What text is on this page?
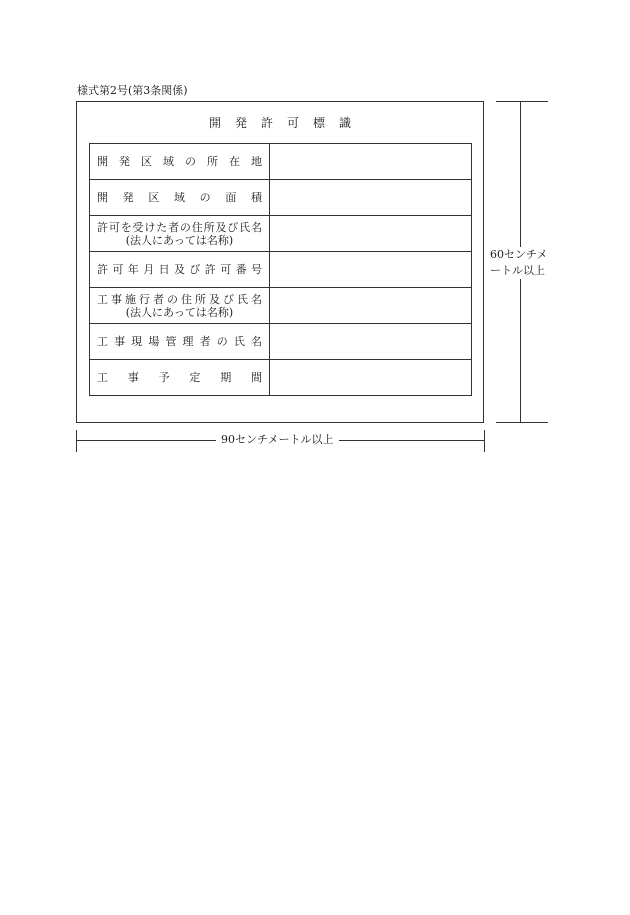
様式第2号(第3条関係)
開発許可標識
開 発 区 域 の 所 在 地	

開 発 区 域 の 面 積	

許可を受けた者の住所及び氏名
(法人にあっては名称)	

許 可 年 月 日 及 び 許 可 番 号	

工事施行者の住所及び氏名
(法人にあっては名称)	

工 事 現 場 管 理 者 の 氏 名	

工 事 予 定 期 間	

60センチメートル以上
90センチメートル以上
